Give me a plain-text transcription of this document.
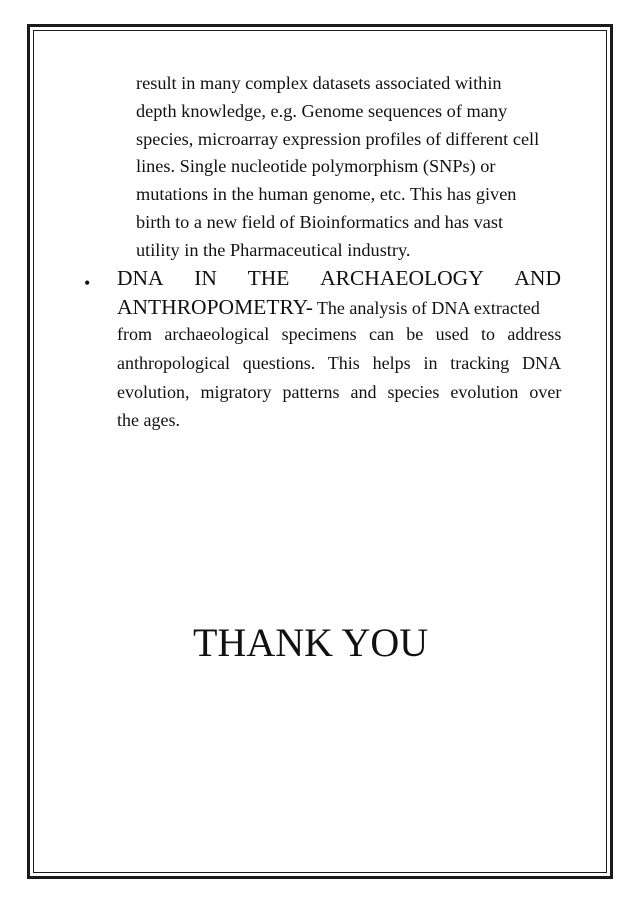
result in many complex datasets associated within
depth knowledge, e.g. Genome sequences of many
species, microarray expression profiles of different cell
lines. Single nucleotide polymorphism (SNPs) or
mutations in the human genome, etc. This has given
birth to a new field of Bioinformatics and has vast
utility in the Pharmaceutical industry.
• DNA IN THE ARCHAEOLOGY AND
ANTHROPOMETRY- The analysis of DNA extracted
from archaeological specimens can be used to address
anthropological questions. This helps in tracking DNA
evolution, migratory patterns and species evolution over
the ages.
THANK YOU
